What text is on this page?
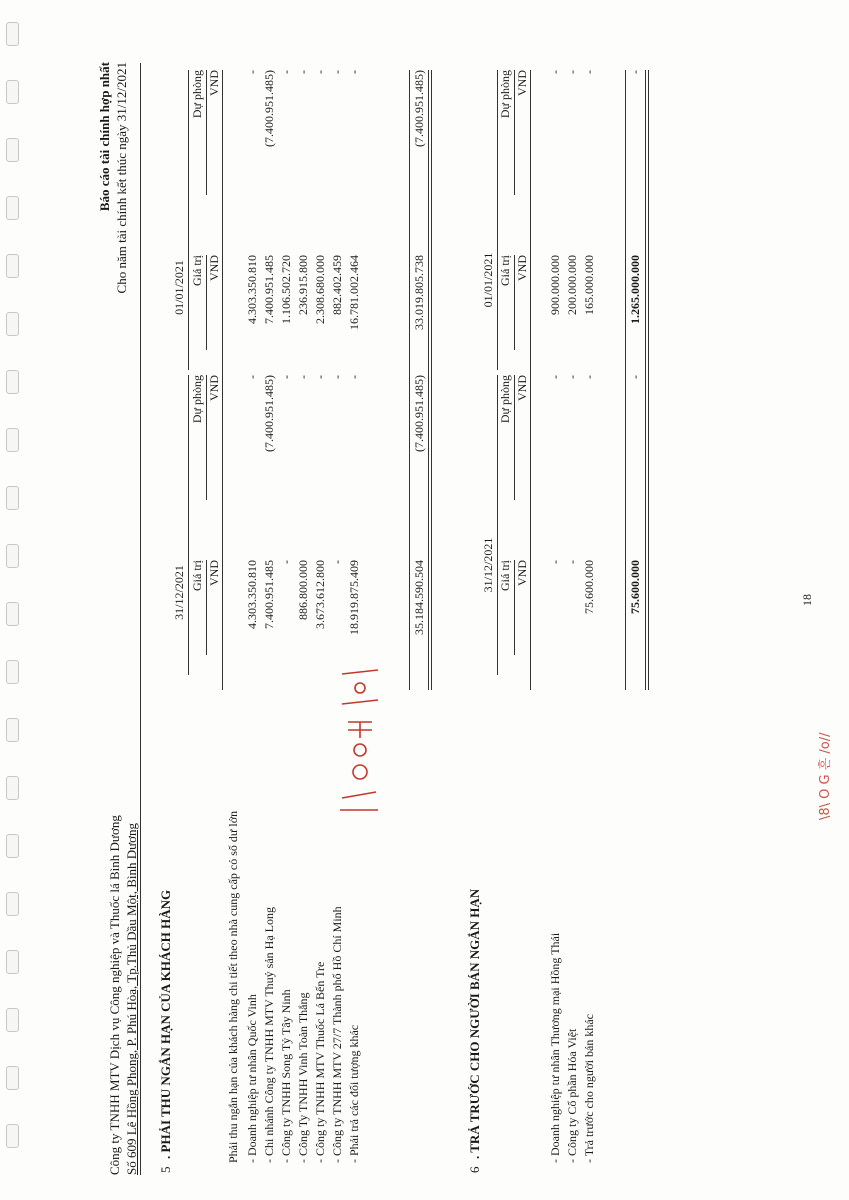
Công ty TNHH MTV Dịch vụ Công nghiệp và Thuốc lá Bình Dương Số 609 Lê Hồng Phong, P. Phú Hòa, Tp.Thủ Dầu Một, Bình Dương
Báo cáo tài chính hợp nhất Cho năm tài chính kết thúc ngày 31/12/2021
5
. PHẢI THU NGẮN HẠN CỦA KHÁCH HÀNG
31/12/2021
01/01/2021
Giá trị
Dự phòng
Giá trị
Dự phòng
VND
VND
VND
VND
Phải thu ngắn hạn của khách hàng chi tiết theo nhà cung cấp có số dư lớn - Doanh nghiệp tư nhân Quốc Vinh
4.303.350.810
-
4.303.350.810
-
- Chi nhánh Công ty TNHH MTV Thuỷ sản Hạ Long
7.400.951.485
(7.400.951.485)
7.400.951.485
(7.400.951.485)
- Công ty TNHH Song Tỷ Tây Ninh
-
-
1.106.502.720
-
- Công Ty TNHH Vinh Toàn Thắng
886.800.000
-
236.915.800
-
- Công ty TNHH MTV Thuốc Lá Bến Tre
3.673.612.800
-
2.308.680.000
-
- Công ty TNHH MTV 27/7 Thành phố Hồ Chí Minh
-
-
882.402.459
-
- Phải trả các đối tượng khác
18.919.875.409
-
16.781.002.464
-
35.184.590.504
(7.400.951.485)
33.019.805.738
(7.400.951.485)
6
. TRẢ TRƯỚC CHO NGƯỜI BÁN NGẮN HẠN
31/12/2021
01/01/2021
Giá trị
Dự phòng
Giá trị
Dự phòng
VND
VND
VND
VND
- Doanh nghiệp tư nhân Thương mại Hồng Thái
-
-
900.000.000
-
- Công ty Cổ phần Hóa Việt
-
-
200.000.000
-
- Trả trước cho người bán khác
75.600.000
-
165.000.000
-
75.600.000
-
1.265.000.000
-
18
\8\ O G 흔 /o//
